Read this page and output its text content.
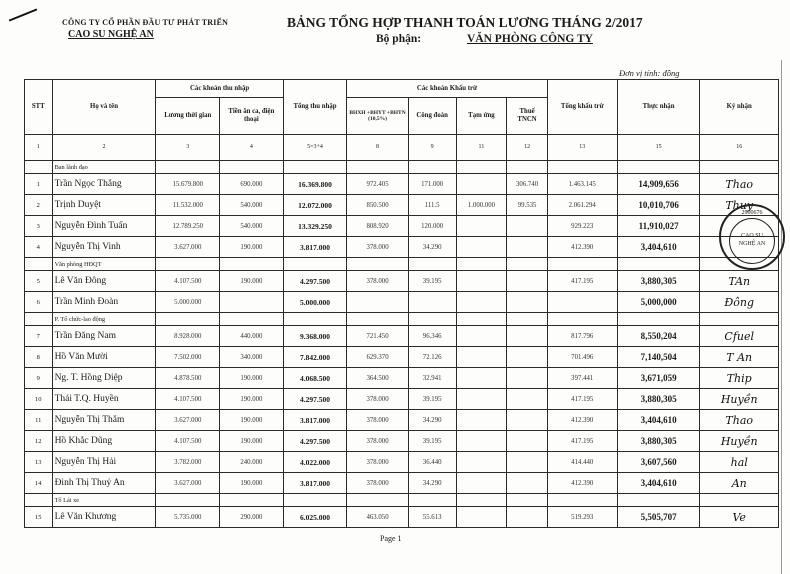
CÔNG TY CỔ PHẦN ĐẦU TƯ PHÁT TRIỂN
CAO SU NGHỆ AN
BẢNG TỔNG HỢP THANH TOÁN LƯƠNG THÁNG 2/2017
Bộ phận:	VĂN PHÒNG CÔNG TY
Đơn vị tính: đồng
STT	Họ và tên	Các khoản thu nhập		Tổng thu nhập	Các khoản Khấu trừ				Tổng khấu trừ	Thực nhận	Ký nhận
		Lương thời gian	Tiền ăn ca, điện thoại		BHXH +BHYT +BHTN (10,5%)	Công đoàn	Tạm ứng	Thuế TNCN			
1	2	3	4	5=3+4	8	9	11	12	13	15	16
	Ban lãnh đạo										
1	Trần Ngọc Thắng	15.679.800	690.000	16.369.800	972.405	171.000		306.740	1.463.145	14,909,656	Thao
2	Trịnh Duyệt	11.532.000	540.000	12.072.000	850.500	111.5	1.000.000	99.535	2.061.294	10,010,706	Thuy
3	Nguyễn Đình Tuấn	12.789.250	540.000	13.329.250	808.920	120.000			929.223	11,910,027	
4	Nguyễn Thị Vinh	3.627.000	190.000	3.817.000	378.000	34.290			412.390	3,404,610	
	Văn phòng HĐQT										
5	Lê Văn Đông	4.107.500	190.000	4.297.500	378.000	39.195			417.195	3,880,305	TAn
6	Trần Minh Đoàn	5.000.000		5.000.000						5,000,000	Đông
	P. Tổ chức-lao động										
7	Trần Đăng Nam	8.928.000	440.000	9.368.000	721.450	96.346			817.796	8,550,204	Cfuel
8	Hồ Văn Mười	7.502.000	340.000	7.842.000	629.370	72.126			701.496	7,140,504	T An
9	Ng. T. Hồng Diệp	4.878.500	190.000	4.068.500	364.500	32.941			397.441	3,671,059	Thip
10	Thái T.Q. Huyền	4.107.500	190.000	4.297.500	378.000	39.195			417.195	3,880,305	Huyền
11	Nguyễn Thị Thắm	3.627.000	190.000	3.817.000	378.000	34.290			412.390	3,404,610	Thao
12	Hồ Khắc Dũng	4.107.500	190.000	4.297.500	378.000	39.195			417.195	3,880,305	Huyền
13	Nguyễn Thị Hải	3.782.000	240.000	4.022.000	378.000	36.440			414.440	3,607,560	hal
14	Đinh Thị Thuý An	3.627.000	190.000	3.817.000	378.000	34.290			412.390	3,404,610	An
	Tổ Lái xe										
15	Lê Văn Khương	5.735.000	290.000	6.025.000	463.050	55.613			519.293	5,505,707	Ve
2900676
CAO SU
NGHỆ AN
Page 1
